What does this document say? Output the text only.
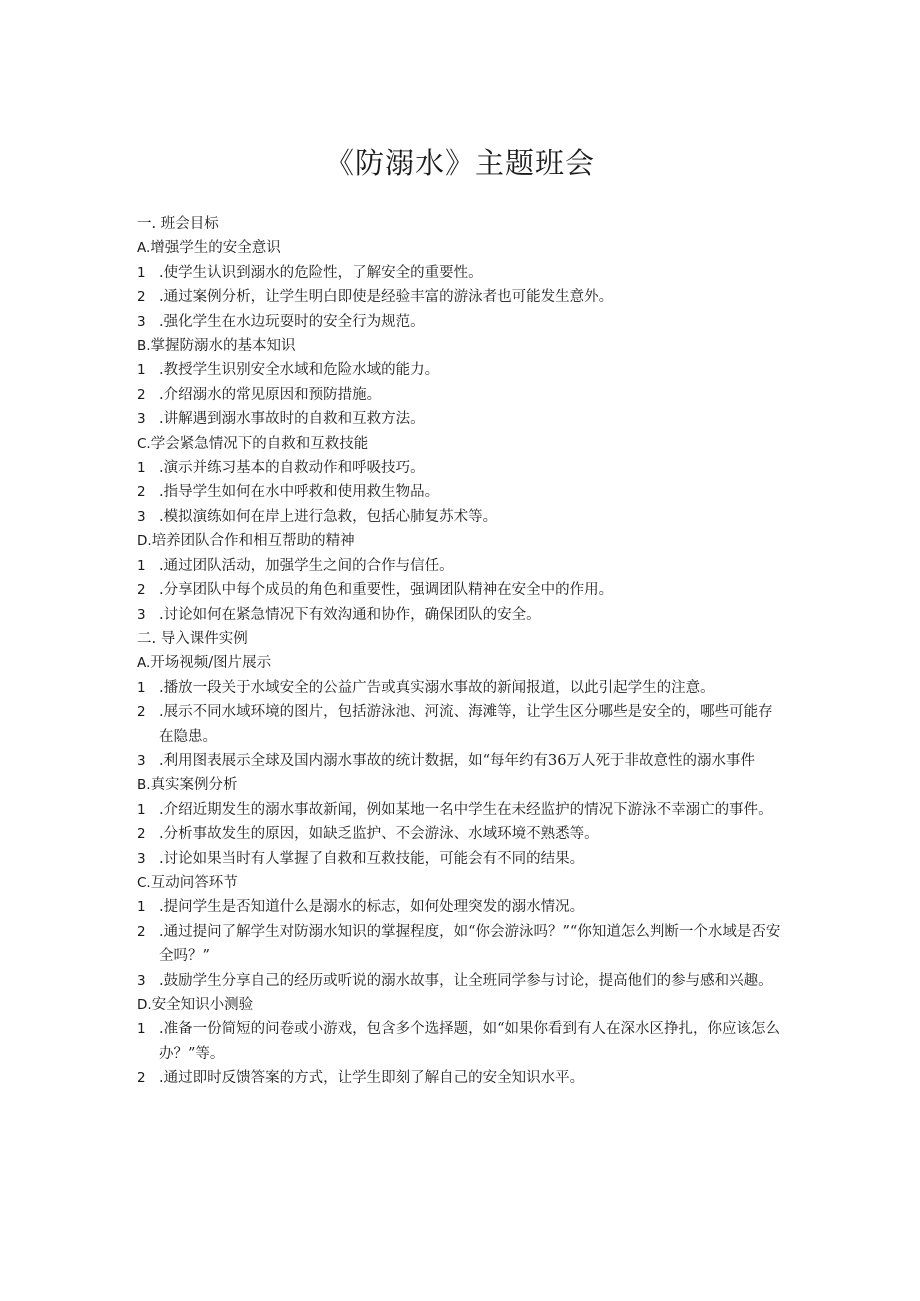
《防溺水》主题班会
一. 班会目标
A.增强学生的安全意识
1 .使学生认识到溺水的危险性，了解安全的重要性。
2 .通过案例分析，让学生明白即使是经验丰富的游泳者也可能发生意外。
3 .强化学生在水边玩耍时的安全行为规范。
B.掌握防溺水的基本知识
1 .教授学生识别安全水域和危险水域的能力。
2 .介绍溺水的常见原因和预防措施。
3 .讲解遇到溺水事故时的自救和互救方法。
C.学会紧急情况下的自救和互救技能
1 .演示并练习基本的自救动作和呼吸技巧。
2 .指导学生如何在水中呼救和使用救生物品。
3 .模拟演练如何在岸上进行急救，包括心肺复苏术等。
D.培养团队合作和相互帮助的精神
1 .通过团队活动，加强学生之间的合作与信任。
2 .分享团队中每个成员的角色和重要性，强调团队精神在安全中的作用。
3 .讨论如何在紧急情况下有效沟通和协作，确保团队的安全。
二. 导入课件实例
A.开场视频/图片展示
1 .播放一段关于水域安全的公益广告或真实溺水事故的新闻报道，以此引起学生的注意。
2 .展示不同水域环境的图片，包括游泳池、河流、海滩等，让学生区分哪些是安全的，哪些可能存在隐患。
3 .利用图表展示全球及国内溺水事故的统计数据，如“每年约有36万人死于非故意性的溺水事件
B.真实案例分析
1 .介绍近期发生的溺水事故新闻，例如某地一名中学生在未经监护的情况下游泳不幸溺亡的事件。
2 .分析事故发生的原因，如缺乏监护、不会游泳、水域环境不熟悉等。
3 .讨论如果当时有人掌握了自救和互救技能，可能会有不同的结果。
C.互动问答环节
1 .提问学生是否知道什么是溺水的标志，如何处理突发的溺水情况。
2 .通过提问了解学生对防溺水知识的掌握程度，如“你会游泳吗？”“你知道怎么判断一个水域是否安全吗？”
3 .鼓励学生分享自己的经历或听说的溺水故事，让全班同学参与讨论，提高他们的参与感和兴趣。
D.安全知识小测验
1 .准备一份简短的问卷或小游戏，包含多个选择题，如“如果你看到有人在深水区挣扎，你应该怎么办？”等。
2 .通过即时反馈答案的方式，让学生即刻了解自己的安全知识水平。
